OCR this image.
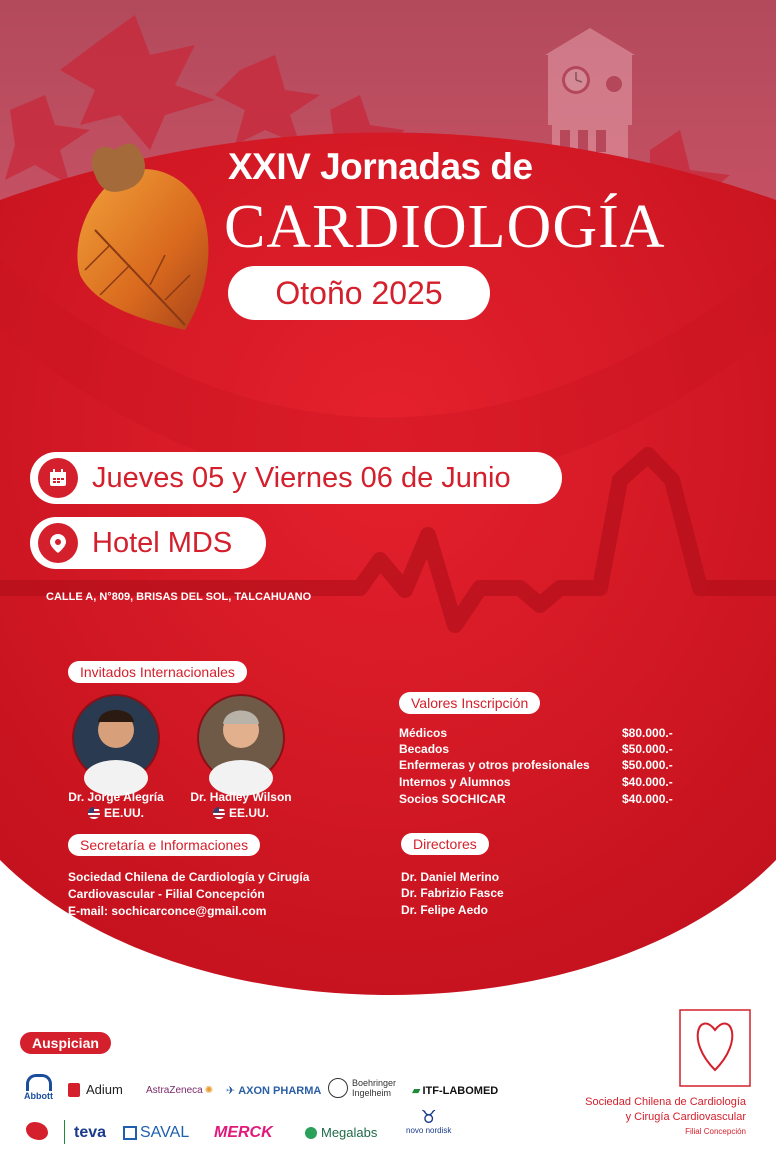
XXIV Jornadas de
CARDIOLOGÍA
Otoño 2025
Jueves 05 y Viernes 06 de Junio
Hotel MDS
CALLE A, N°809, BRISAS DEL SOL, TALCAHUANO
Invitados Internacionales
Dr. Jorge Alegría
EE.UU.
Dr. Hadley Wilson
EE.UU.
Valores Inscripción
Médicos	$80.000.-
Becados	$50.000.-
Enfermeras y otros profesionales	$50.000.-
Internos y Alumnos	$40.000.-
Socios SOCHICAR	$40.000.-
Secretaría e Informaciones
Sociedad Chilena de Cardiología y Cirugía
Cardiovascular - Filial Concepción
E-mail: sochicarconce@gmail.com
Directores
Dr. Daniel Merino
Dr. Fabrizio Fasce
Dr. Felipe Aedo
Auspician
Abbott	Adium AstraZeneca ✺ ✈ AXON PHARMA
Boehringer Ingelheim	▰ ITF-LABOMED
teva SAVAL MERCK	Megalabs
♉
novo nordisk
Sociedad Chilena de Cardiología
y Cirugía Cardiovascular
Filial Concepción
